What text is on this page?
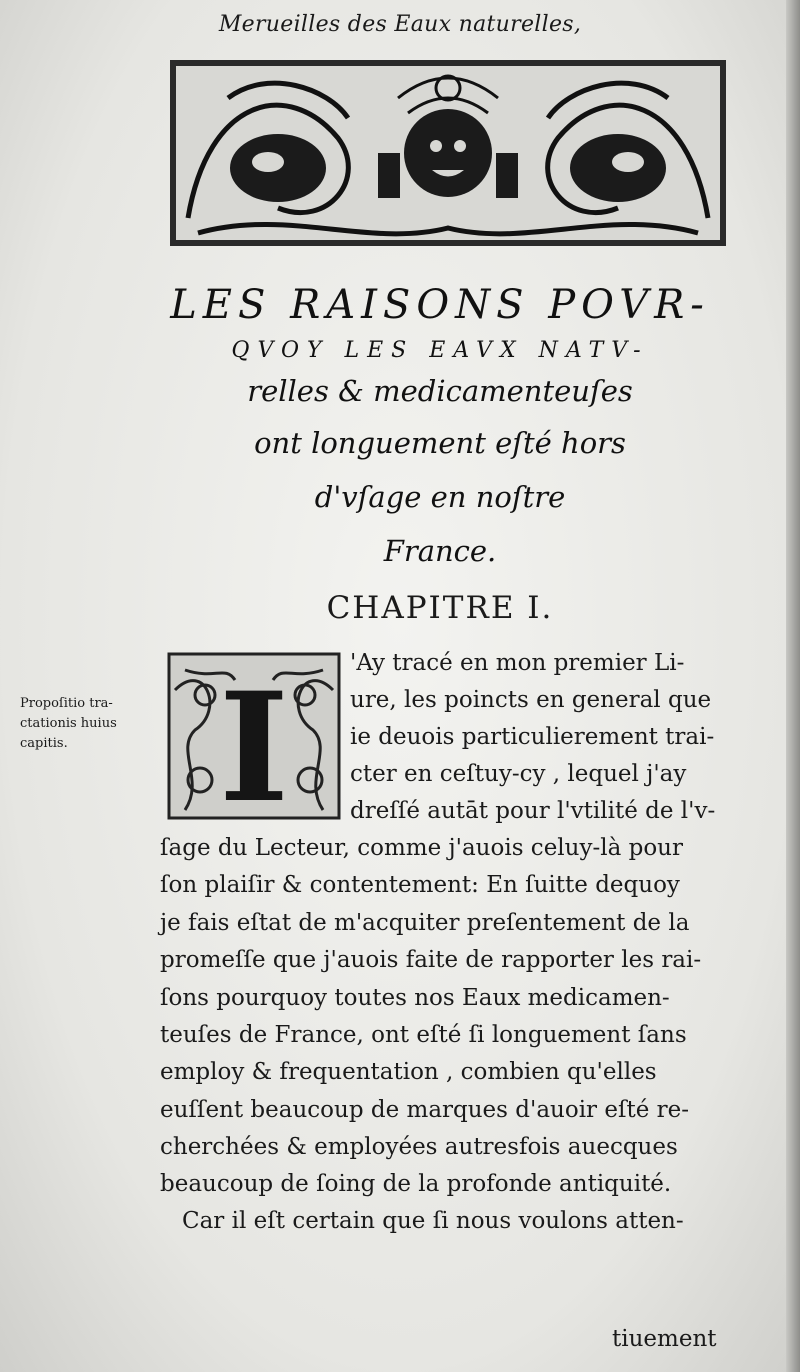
Merueilles des Eaux naturelles,
LES RAISONS POVR-
QVOY LES EAVX NATV-
relles & medicamenteuſes
ont longuement eſté hors
d'vſage en noſtre
France.
CHAPITRE I.
Propoſitio tra-
ctationis huius
capitis.	I	'Ay tracé en mon premier Li-
ure, les poincts en general que
ie deuois particulierement trai-
cter en ceſtuy-cy , lequel j'ay
dreſſé autāt pour l'vtilité de l'v-
ſage du Lecteur, comme j'auois celuy-là pour
ſon plaiſir & contentement: En ſuitte dequoy
je fais eſtat de m'acquiter preſentement de la
promeſſe que j'auois faite de rapporter les rai-
ſons pourquoy toutes nos Eaux medicamen-
teuſes de France, ont eſté ſi longuement ſans
employ & frequentation , combien qu'elles
euſſent beaucoup de marques d'auoir eſté re-
cherchées & employées autresfois auecques
beaucoup de ſoing de la profonde antiquité.
Car il eſt certain que ſi nous voulons atten-
tiuement
